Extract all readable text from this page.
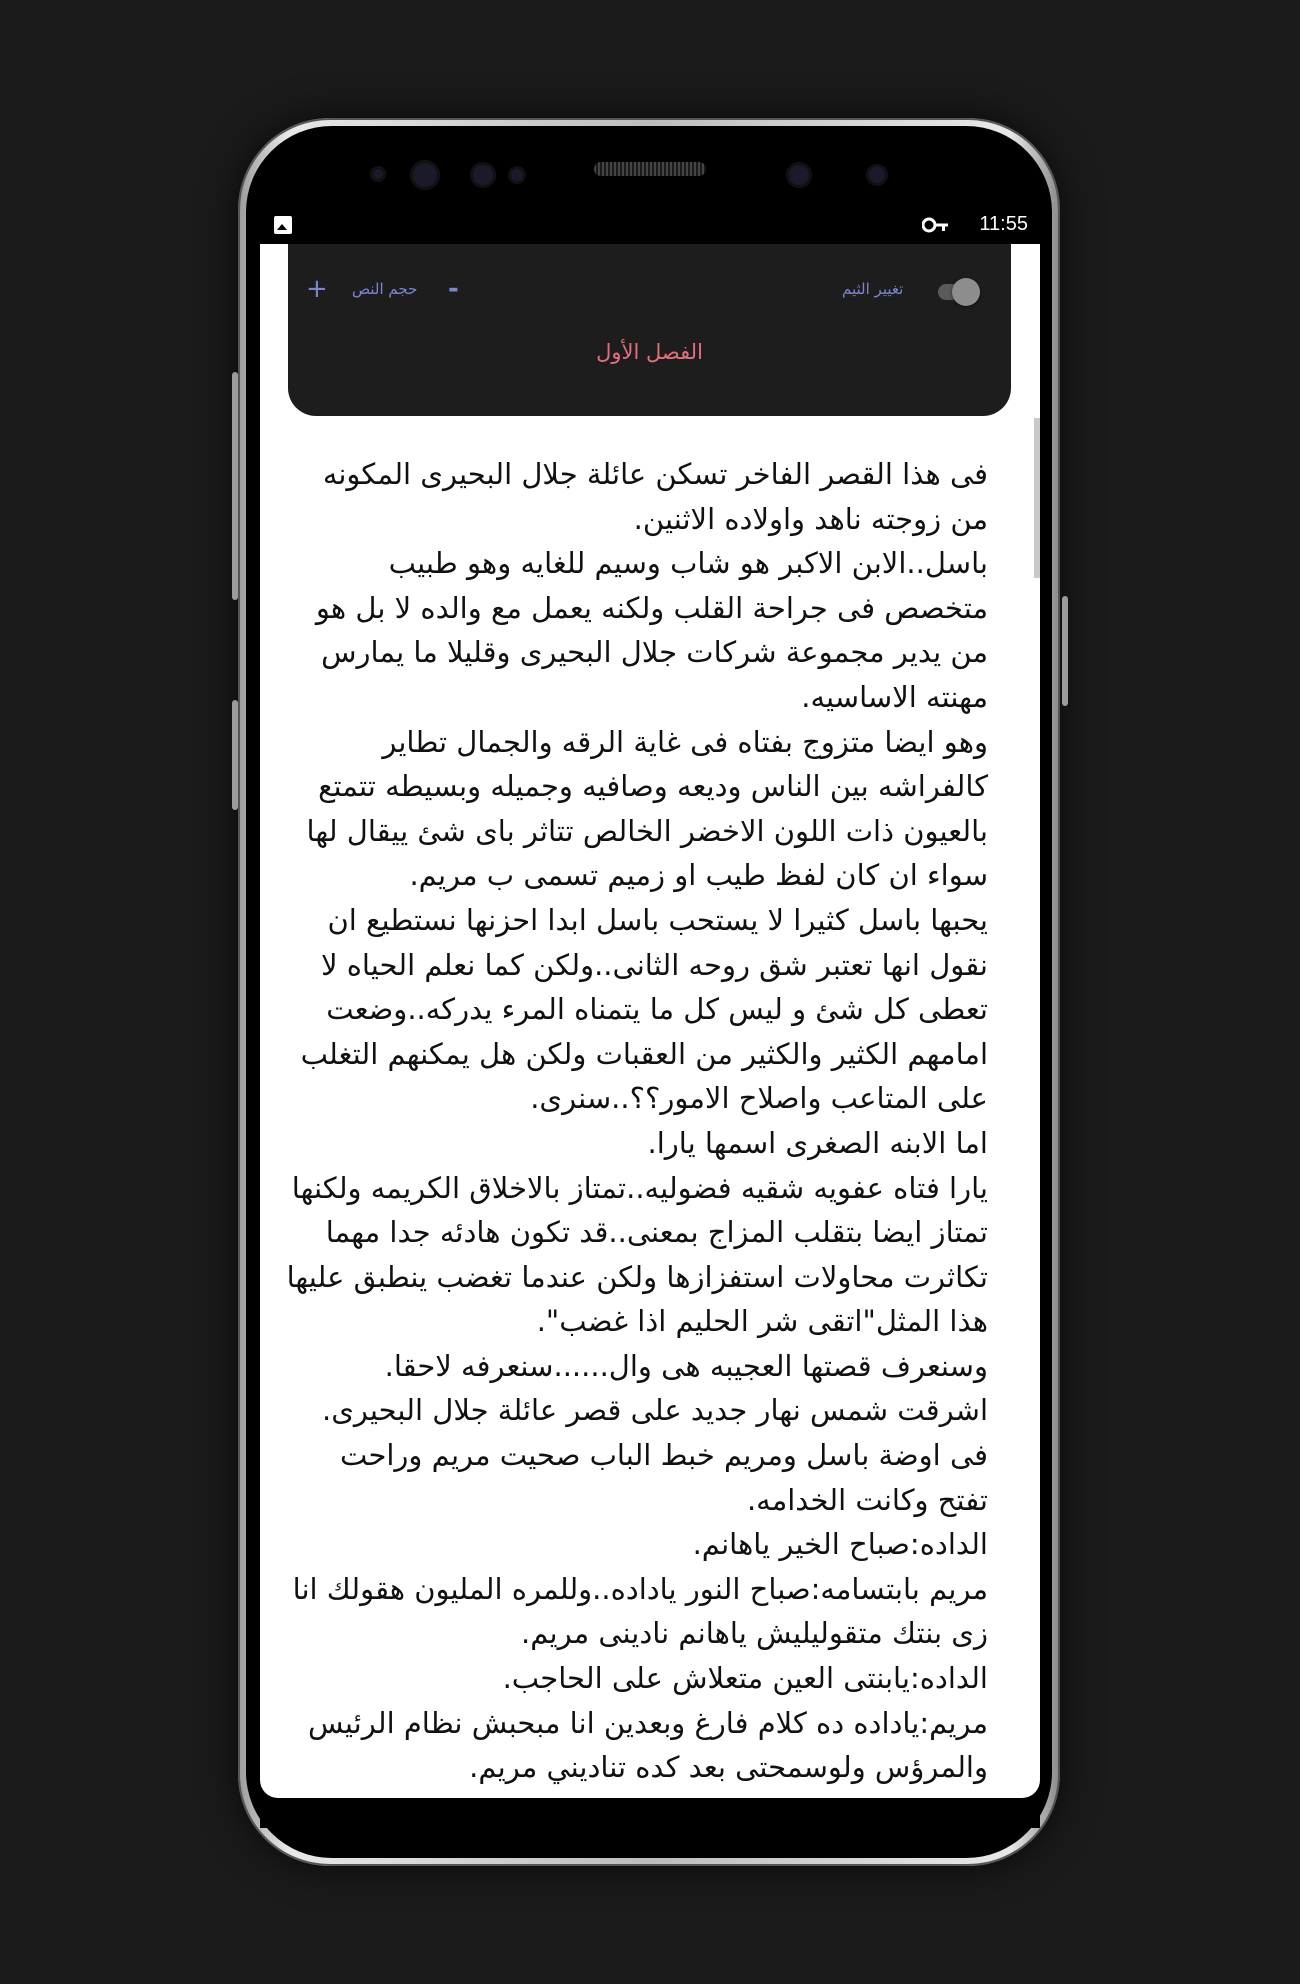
11:55
تغيير الثيم
+ حجم النص -
الفصل الأول

فى هذا القصر الفاخر تسكن عائلة جلال البحيرى المكونه من زوجته ناهد واولاده الاثنين.

باسل..الابن الاكبر هو شاب وسيم للغايه وهو طبيب متخصص فى جراحة القلب ولكنه يعمل مع والده لا بل هو من يدير مجموعة شركات جلال البحيرى وقليلا ما يمارس مهنته الاساسيه.

وهو ايضا متزوج بفتاه فى غاية الرقه والجمال تطاير كالفراشه بين الناس وديعه وصافيه وجميله وبسيطه تتمتع بالعيون ذات اللون الاخضر الخالص تتاثر باى شئ ييقال لها سواء ان كان لفظ طيب او زميم تسمى ب مريم.

يحبها باسل كثيرا لا يستحب باسل ابدا احزنها نستطيع ان نقول انها تعتبر شق روحه الثانى..ولكن كما نعلم الحياه لا تعطى كل شئ و ليس كل ما يتمناه المرء يدركه..وضعت امامهم الكثير والكثير من العقبات ولكن هل يمكنهم التغلب على المتاعب واصلاح الامور؟؟..سنرى.

اما الابنه الصغرى اسمها يارا.

يارا فتاه عفويه شقيه فضوليه..تمتاز بالاخلاق الكريمه ولكنها تمتاز ايضا بتقلب المزاج بمعنى..قد تكون هادئه جدا مهما تكاثرت محاولات استفزازها ولكن عندما تغضب ينطبق عليها هذا المثل"اتقى شر الحليم اذا غضب".

وسنعرف قصتها العجيبه هى وال......سنعرفه لاحقا.

اشرقت شمس نهار جديد على قصر عائلة جلال البحيرى.

فى اوضة باسل ومريم خبط الباب صحيت مريم وراحت تفتح وكانت الخدامه.

الداده:صباح الخير ياهانم.

مريم بابتسامه:صباح النور ياداده..وللمره المليون هقولك انا زى بنتك متقوليليش ياهانم نادينى مريم.

الداده:يابنتى العين متعلاش على الحاجب.

مريم:ياداده ده كلام فارغ وبعدين انا مبحبش نظام الرئيس والمرؤس ولوسمحتى بعد كده تناديني مريم.
